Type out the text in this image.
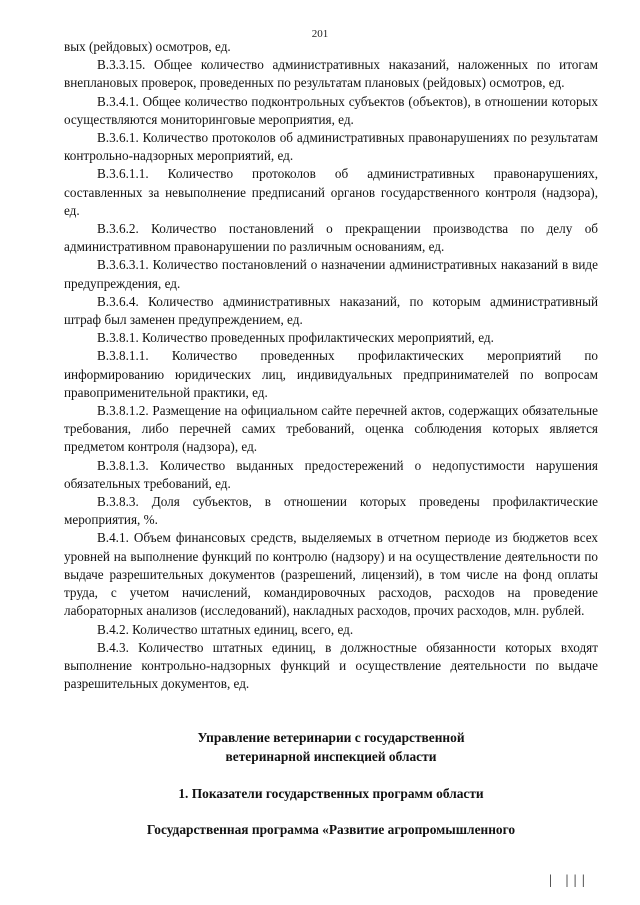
201

вых (рейдовых) осмотров, ед.

В.3.3.15. Общее количество административных наказаний, наложенных по итогам внеплановых проверок, проведенных по результатам плановых (рейдовых) осмотров, ед.

В.3.4.1. Общее количество подконтрольных субъектов (объектов), в отношении которых осуществляются мониторинговые мероприятия, ед.

В.3.6.1. Количество протоколов об административных правонарушениях по результатам контрольно-надзорных мероприятий, ед.

В.3.6.1.1. Количество протоколов об административных правонарушениях, составленных за невыполнение предписаний органов государственного контроля (надзора), ед.

В.3.6.2. Количество постановлений о прекращении производства по делу об административном правонарушении по различным основаниям, ед.

В.3.6.3.1. Количество постановлений о назначении административных наказаний в виде предупреждения, ед.

В.3.6.4. Количество административных наказаний, по которым административный штраф был заменен предупреждением, ед.

В.3.8.1. Количество проведенных профилактических мероприятий, ед.

В.3.8.1.1. Количество проведенных профилактических мероприятий по информированию юридических лиц, индивидуальных предпринимателей по вопросам правоприменительной практики, ед.

В.3.8.1.2. Размещение на официальном сайте перечней актов, содержащих обязательные требования, либо перечней самих требований, оценка соблюдения которых является предметом контроля (надзора), ед.

В.3.8.1.3. Количество выданных предостережений о недопустимости нарушения обязательных требований, ед.

В.3.8.3. Доля субъектов, в отношении которых проведены профилактические мероприятия, %.

В.4.1. Объем финансовых средств, выделяемых в отчетном периоде из бюджетов всех уровней на выполнение функций по контролю (надзору) и на осуществление деятельности по выдаче разрешительных документов (разрешений, лицензий), в том числе на фонд оплаты труда, с учетом начислений, командировочных расходов, расходов на проведение лабораторных анализов (исследований), накладных расходов, прочих расходов, млн. рублей.

В.4.2. Количество штатных единиц, всего, ед.

В.4.3. Количество штатных единиц, в должностные обязанности которых входят выполнение контрольно-надзорных функций и осуществление деятельности по выдаче разрешительных документов, ед.

Управление ветеринарии с государственной
ветеринарной инспекцией области
1. Показатели государственных программ области
Государственная программа «Развитие агропромышленного
| |||
